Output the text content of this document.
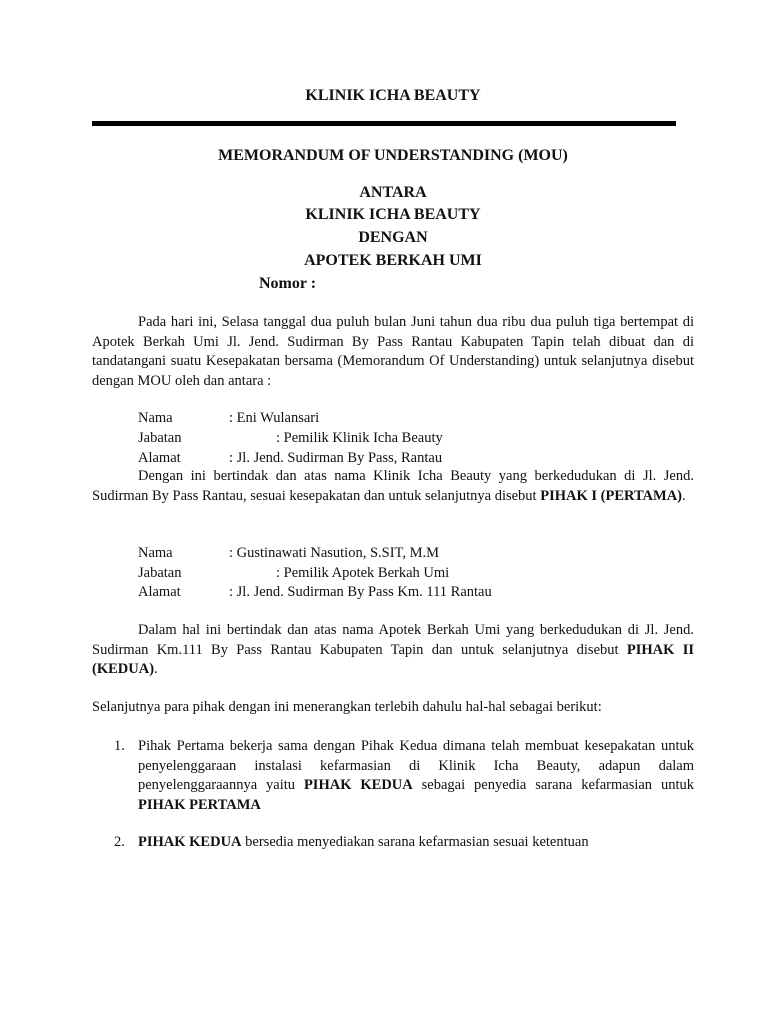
KLINIK ICHA BEAUTY
MEMORANDUM OF UNDERSTANDING (MOU)
ANTARA
KLINIK ICHA BEAUTY
DENGAN
APOTEK BERKAH UMI
Nomor :

Pada hari ini, Selasa tanggal dua puluh bulan Juni tahun dua ribu dua puluh tiga bertempat di Apotek Berkah Umi Jl. Jend. Sudirman By Pass Rantau Kabupaten Tapin telah dibuat dan di tandatangani suatu Kesepakatan bersama (Memorandum Of Understanding) untuk selanjutnya disebut dengan MOU oleh dan antara :

Nama	: Eni Wulansari
Jabatan	: Pemilik Klinik Icha Beauty
Alamat	: Jl. Jend. Sudirman By Pass, Rantau

Dengan ini bertindak dan atas nama Klinik Icha Beauty yang berkedudukan di Jl. Jend. Sudirman By Pass Rantau, sesuai kesepakatan dan untuk selanjutnya disebut PIHAK I (PERTAMA).

Nama	: Gustinawati Nasution, S.SIT, M.M
Jabatan	: Pemilik Apotek Berkah Umi
Alamat	: Jl. Jend. Sudirman By Pass Km. 111 Rantau

Dalam hal ini bertindak dan atas nama Apotek Berkah Umi yang berkedudukan di Jl. Jend. Sudirman Km.111 By Pass Rantau Kabupaten Tapin dan untuk selanjutnya disebut PIHAK II (KEDUA).

Selanjutnya para pihak dengan ini menerangkan terlebih dahulu hal-hal sebagai berikut:
1. Pihak Pertama bekerja sama dengan Pihak Kedua dimana telah membuat kesepakatan untuk penyelenggaraan instalasi kefarmasian di Klinik Icha Beauty, adapun dalam penyelenggaraannya yaitu PIHAK KEDUA sebagai penyedia sarana kefarmasian untuk PIHAK PERTAMA
2. PIHAK KEDUA bersedia menyediakan sarana kefarmasian sesuai ketentuan
